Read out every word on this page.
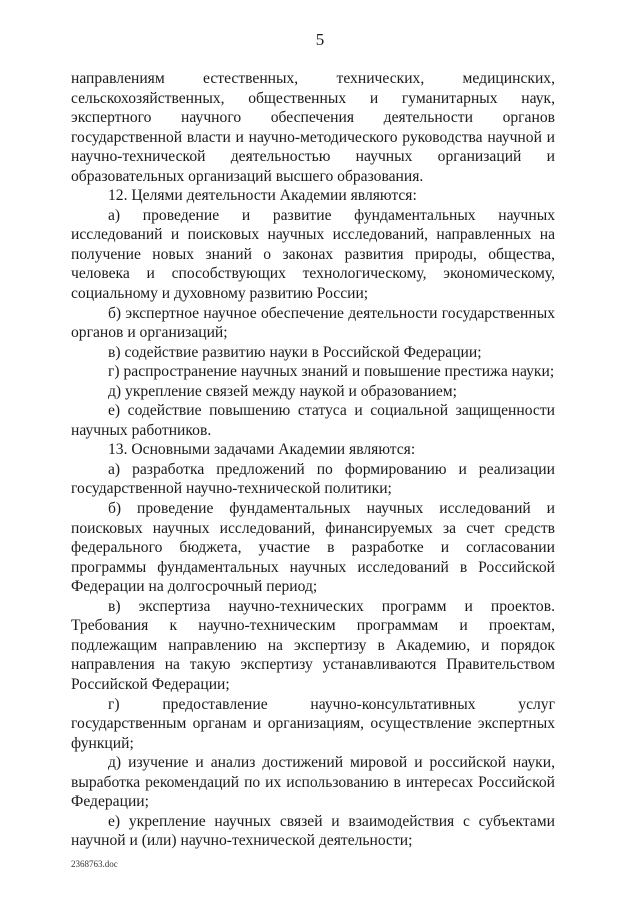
5

направлениям естественных, технических, медицинских, сельскохозяйственных, общественных и гуманитарных наук, экспертного научного обеспечения деятельности органов государственной власти и научно-методического руководства научной и научно-технической деятельностью научных организаций и образовательных организаций высшего образования.

12. Целями деятельности Академии являются:

а) проведение и развитие фундаментальных научных исследований и поисковых научных исследований, направленных на получение новых знаний о законах развития природы, общества, человека и способствующих технологическому, экономическому, социальному и духовному развитию России;

б) экспертное научное обеспечение деятельности государственных органов и организаций;

в) содействие развитию науки в Российской Федерации;

г) распространение научных знаний и повышение престижа науки;

д) укрепление связей между наукой и образованием;

е) содействие повышению статуса и социальной защищенности научных работников.

13. Основными задачами Академии являются:

а) разработка предложений по формированию и реализации государственной научно-технической политики;

б) проведение фундаментальных научных исследований и поисковых научных исследований, финансируемых за счет средств федерального бюджета, участие в разработке и согласовании программы фундаментальных научных исследований в Российской Федерации на долгосрочный период;

в) экспертиза научно-технических программ и проектов. Требования к научно-техническим программам и проектам, подлежащим направлению на экспертизу в Академию, и порядок направления на такую экспертизу устанавливаются Правительством Российской Федерации;

г) предоставление научно-консультативных услуг государственным органам и организациям, осуществление экспертных функций;

д) изучение и анализ достижений мировой и российской науки, выработка рекомендаций по их использованию в интересах Российской Федерации;

е) укрепление научных связей и взаимодействия с субъектами научной и (или) научно-технической деятельности;

2368763.doc
